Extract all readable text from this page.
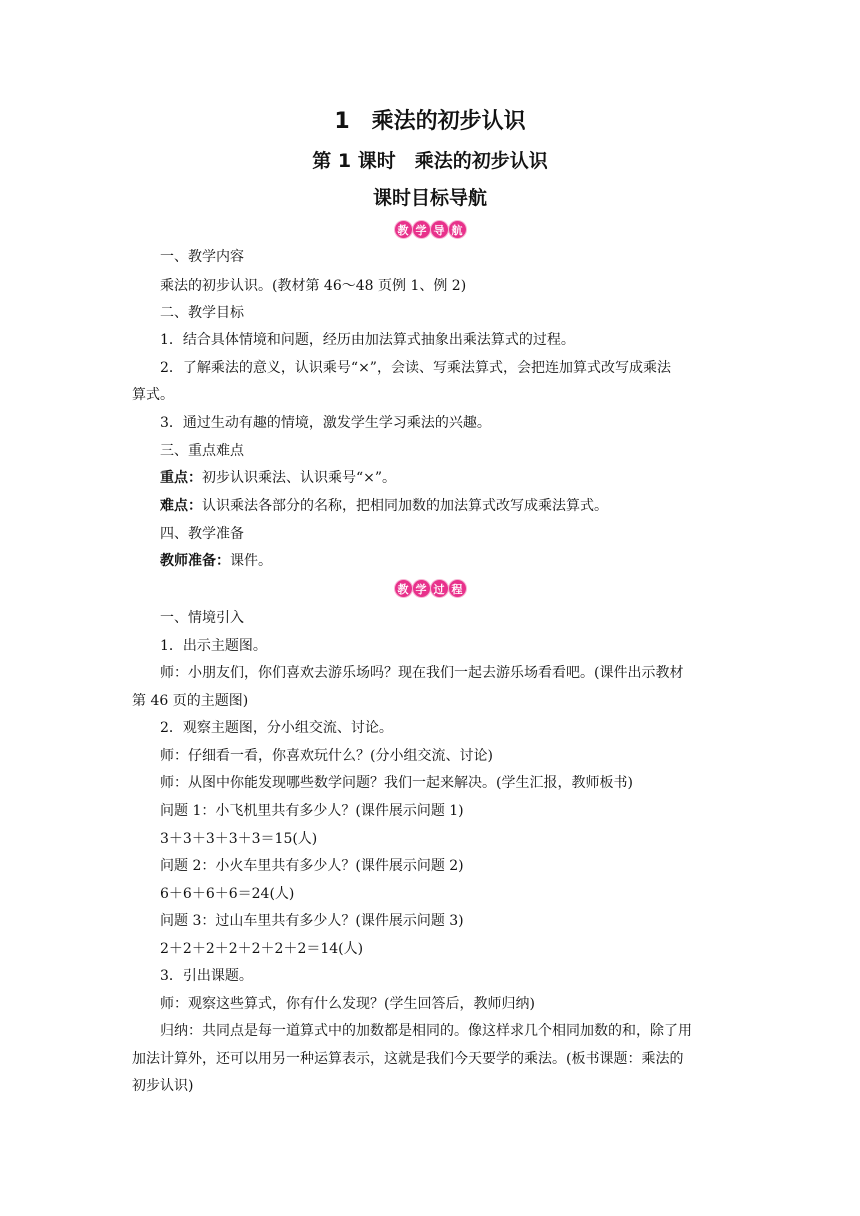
1　乘法的初步认识
第 1 课时　乘法的初步认识
课时目标导航
教 学 导 航
一、教学内容
乘法的初步认识。(教材第 46～48 页例 1、例 2)
二、教学目标
1．结合具体情境和问题，经历由加法算式抽象出乘法算式的过程。
2．了解乘法的意义，认识乘号“×”，会读、写乘法算式，会把连加算式改写成乘法
算式。
3．通过生动有趣的情境，激发学生学习乘法的兴趣。
三、重点难点
重点：初步认识乘法、认识乘号“×”。
难点：认识乘法各部分的名称，把相同加数的加法算式改写成乘法算式。
四、教学准备
教师准备：课件。
教 学 过 程
一、情境引入
1．出示主题图。
师：小朋友们，你们喜欢去游乐场吗？现在我们一起去游乐场看看吧。(课件出示教材
第 46 页的主题图)
2．观察主题图，分小组交流、讨论。
师：仔细看一看，你喜欢玩什么？(分小组交流、讨论)
师：从图中你能发现哪些数学问题？我们一起来解决。(学生汇报，教师板书)
问题 1：小飞机里共有多少人？(课件展示问题 1)
3＋3＋3＋3＋3＝15(人)
问题 2：小火车里共有多少人？(课件展示问题 2)
6＋6＋6＋6＝24(人)
问题 3：过山车里共有多少人？(课件展示问题 3)
2＋2＋2＋2＋2＋2＋2＝14(人)
3．引出课题。
师：观察这些算式，你有什么发现？(学生回答后，教师归纳)
归纳：共同点是每一道算式中的加数都是相同的。像这样求几个相同加数的和，除了用
加法计算外，还可以用另一种运算表示，这就是我们今天要学的乘法。(板书课题：乘法的
初步认识)
